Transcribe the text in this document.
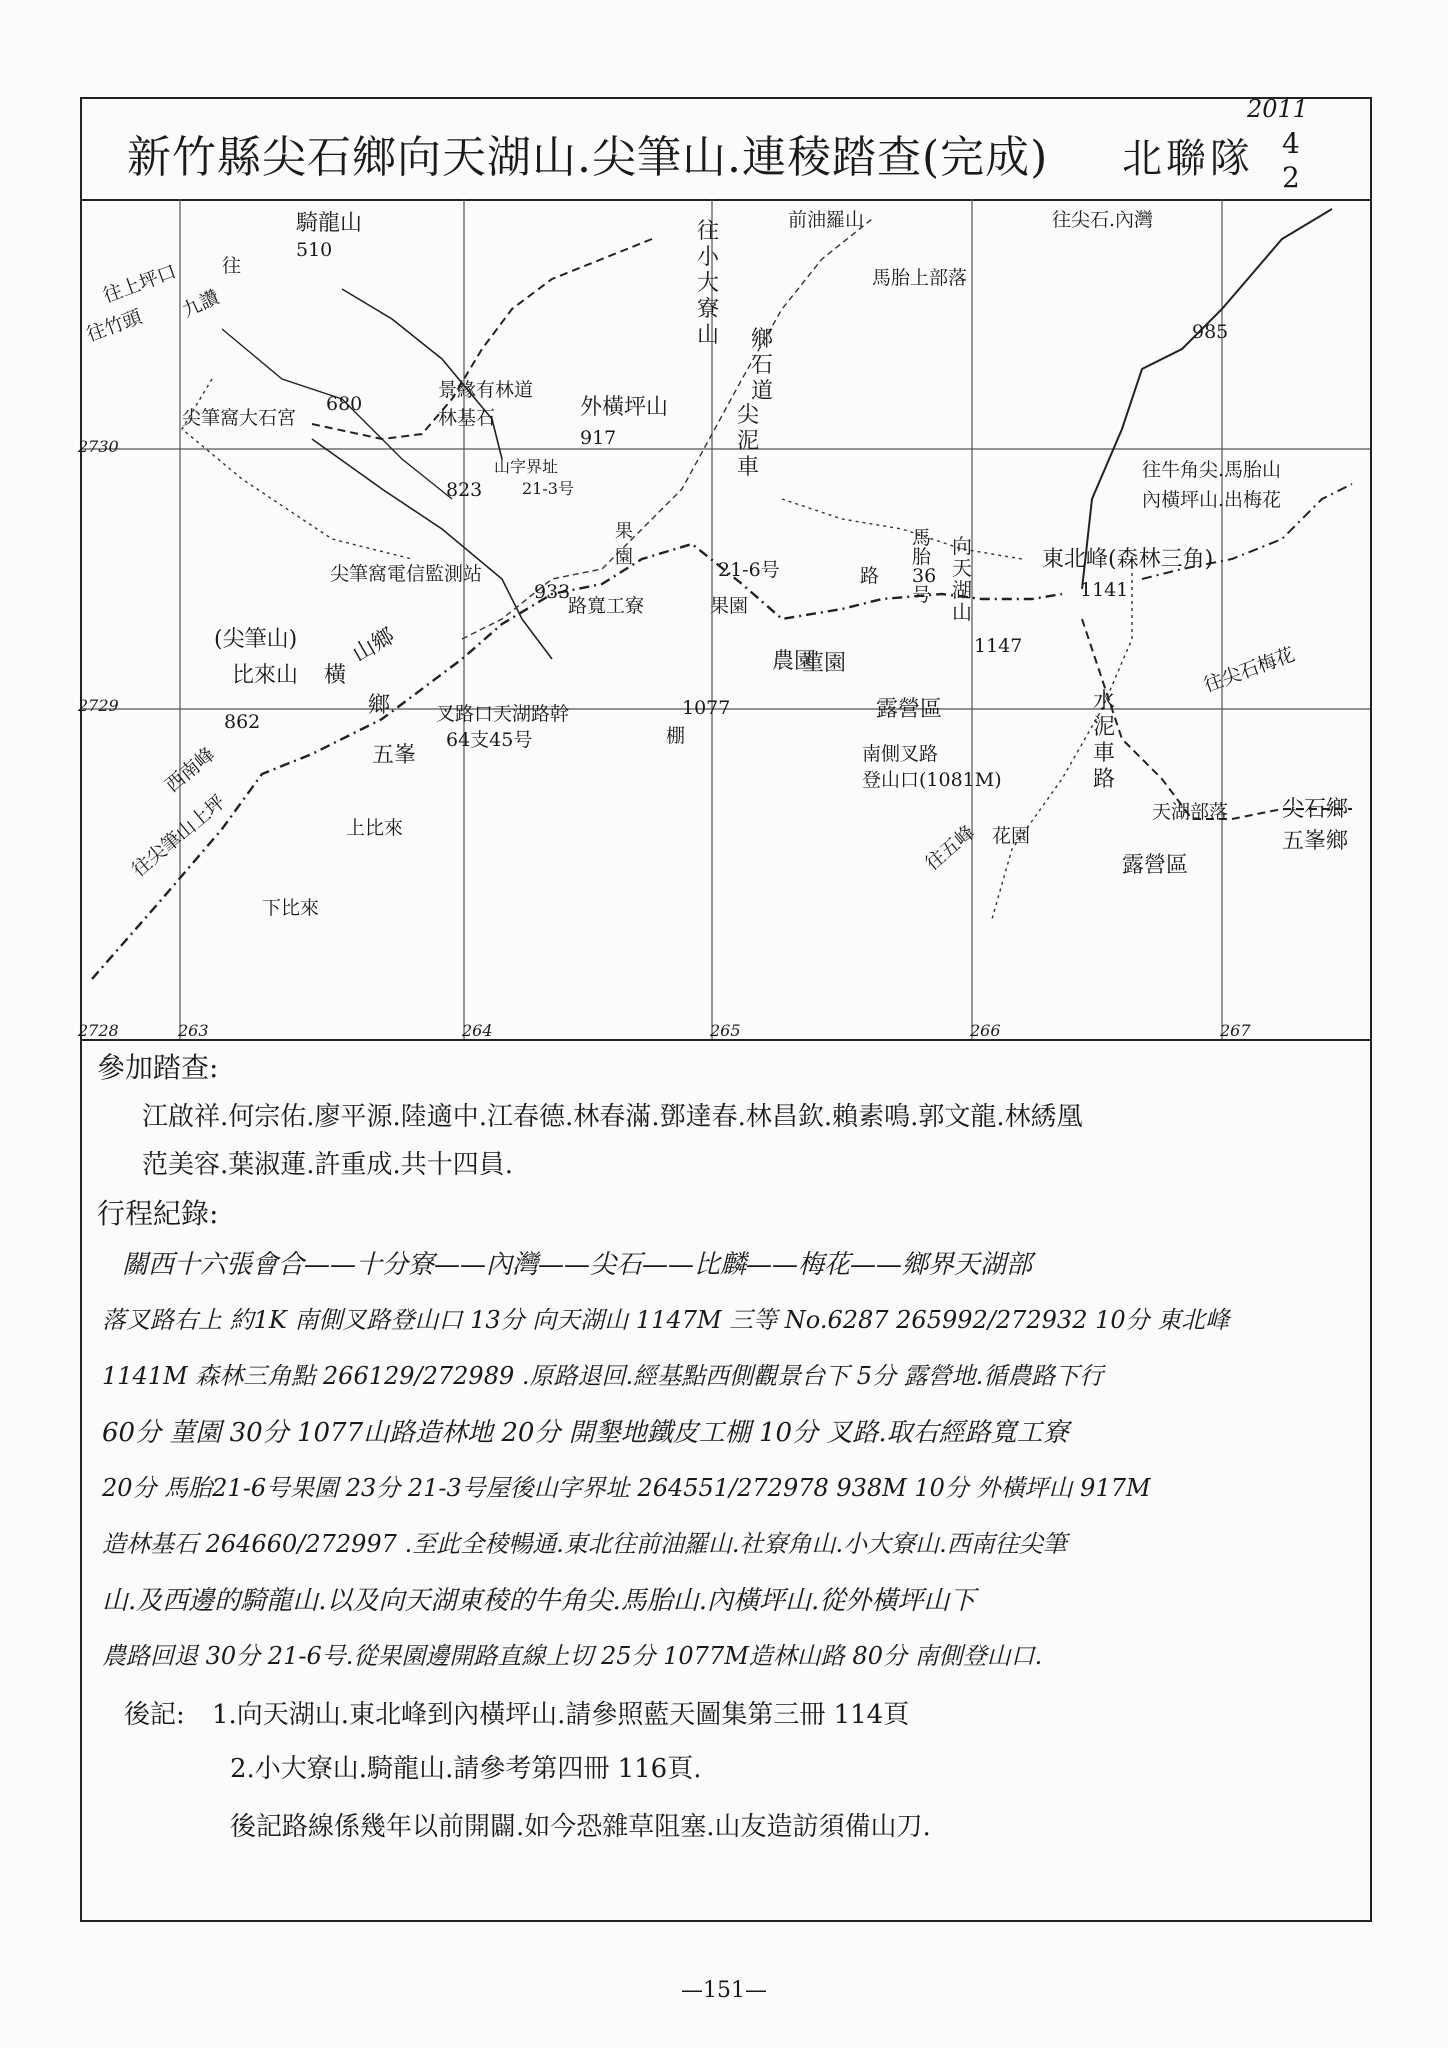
新竹縣尖石鄉向天湖山.尖筆山.連稜踏查(完成) 北聯隊
2011
4
2
2730
2729
2728	263	264	265	266	267
騎龍山
510
往
往上坪口
往竹頭
九讚
往尖石.內灣
前油羅山
馬胎上部落
往小大寮山 鄉石道
尖筆窩大石宮
680
景緣有林道
林基石	外橫坪山
917
尖泥車
985
山字界址
21-3号
果園
823
往牛角尖.馬胎山
內橫坪山.出梅花
馬胎36号
向天湖山
東北峰(森林三角)
1141
尖筆窩電信監測站
933
21-6号
果園
路寬工寮
路
農園
1147
(尖筆山)
比來山 橫
山鄉	往尖石梅花
叉路口天湖路幹
64支45号
1077
棚
菫園
露營區	水泥車路
862
鄉
五峯
西南峰
往尖筆山上坪
南側叉路
登山口(1081M)
上比來
天湖部落 尖石鄉
五峯鄉
往五峰 花園
露營區
下比來
參加踏查:
江啟祥.何宗佑.廖平源.陸適中.江春德.林春滿.鄧達春.林昌欽.賴素鳴.郭文龍.林綉凰
范美容.葉淑蓮.許重成.共十四員.
行程紀錄:
關西十六張會合——十分寮——內灣——尖石——比麟——梅花——鄉界天湖部
落叉路右上 約1K 南側叉路登山口 13分 向天湖山 1147M 三等 No.6287 265992/272932 10分 東北峰
1141M 森林三角點 266129/272989 .原路退回.經基點西側觀景台下 5分 露營地.循農路下行
60分 菫園 30分 1077山路造林地 20分 開墾地鐵皮工棚 10分 叉路.取右經路寬工寮
20分 馬胎21-6号果園 23分 21-3号屋後山字界址 264551/272978 938M 10分 外橫坪山 917M
造林基石 264660/272997 .至此全稜暢通.東北往前油羅山.社寮角山.小大寮山.西南往尖筆
山.及西邊的騎龍山.以及向天湖東稜的牛角尖.馬胎山.內橫坪山.從外橫坪山下
農路回退 30分 21-6号.從果園邊開路直線上切 25分 1077M造林山路 80分 南側登山口.
後記: 1.向天湖山.東北峰到內橫坪山.請參照藍天圖集第三冊 114頁
2.小大寮山.騎龍山.請參考第四冊 116頁.
後記路線係幾年以前開闢.如今恐雜草阻塞.山友造訪須備山刀.
—151—
